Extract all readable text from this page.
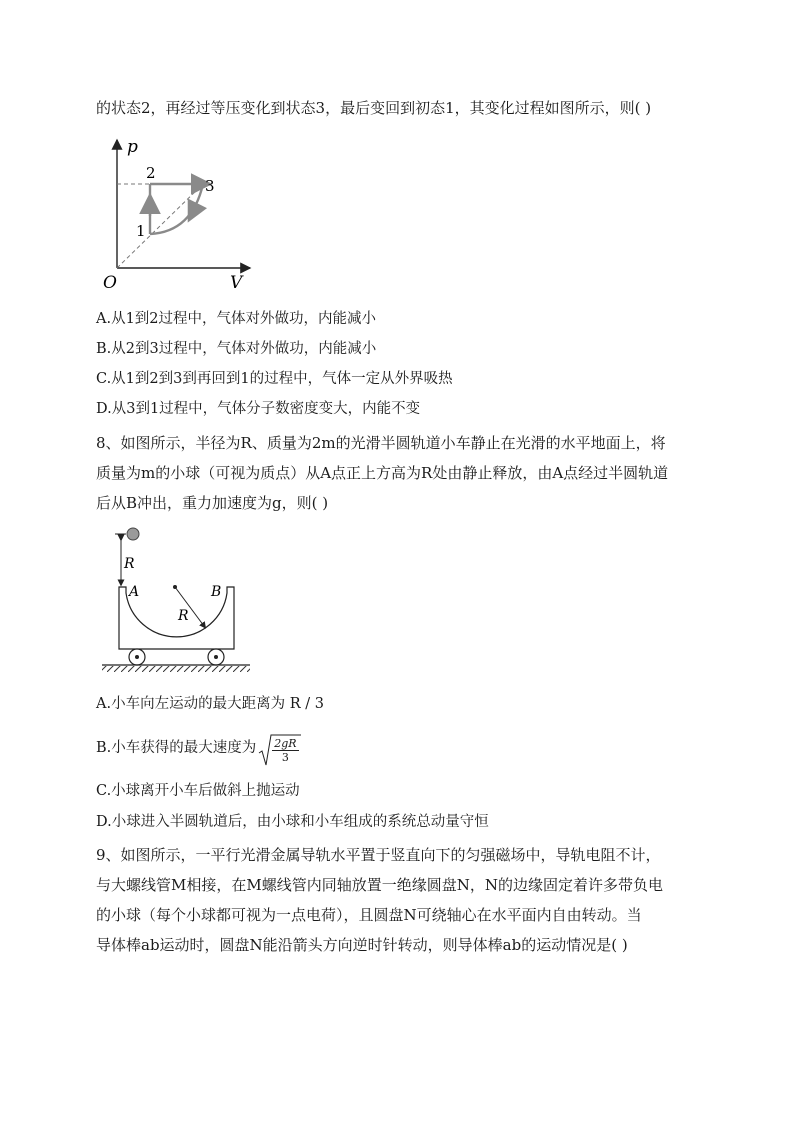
的状态2，再经过等压变化到状态3，最后变回到初态1，其变化过程如图所示，则( )
p
V
O
1
2
3
A.从1到2过程中，气体对外做功，内能减小
B.从2到3过程中，气体对外做功，内能减小
C.从1到2到3到再回到1的过程中，气体一定从外界吸热
D.从3到1过程中，气体分子数密度变大，内能不变
8、如图所示，半径为R、质量为2m的光滑半圆轨道小车静止在光滑的水平地面上，将
质量为m的小球（可视为质点）从A点正上方高为R处由静止释放，由A点经过半圆轨道
后从B冲出，重力加速度为g，则( )
R
A	B
R
A.小车向左运动的最大距离为 R / 3
B.小车获得的最大速度为 $\frac{2gR}{3}$
C.小球离开小车后做斜上抛运动
D.小球进入半圆轨道后，由小球和小车组成的系统总动量守恒
9、如图所示，一平行光滑金属导轨水平置于竖直向下的匀强磁场中，导轨电阻不计，
与大螺线管M相接，在M螺线管内同轴放置一绝缘圆盘N，N的边缘固定着许多带负电
的小球（每个小球都可视为一点电荷），且圆盘N可绕轴心在水平面内自由转动。当
导体棒ab运动时，圆盘N能沿箭头方向逆时针转动，则导体棒ab的运动情况是( )
